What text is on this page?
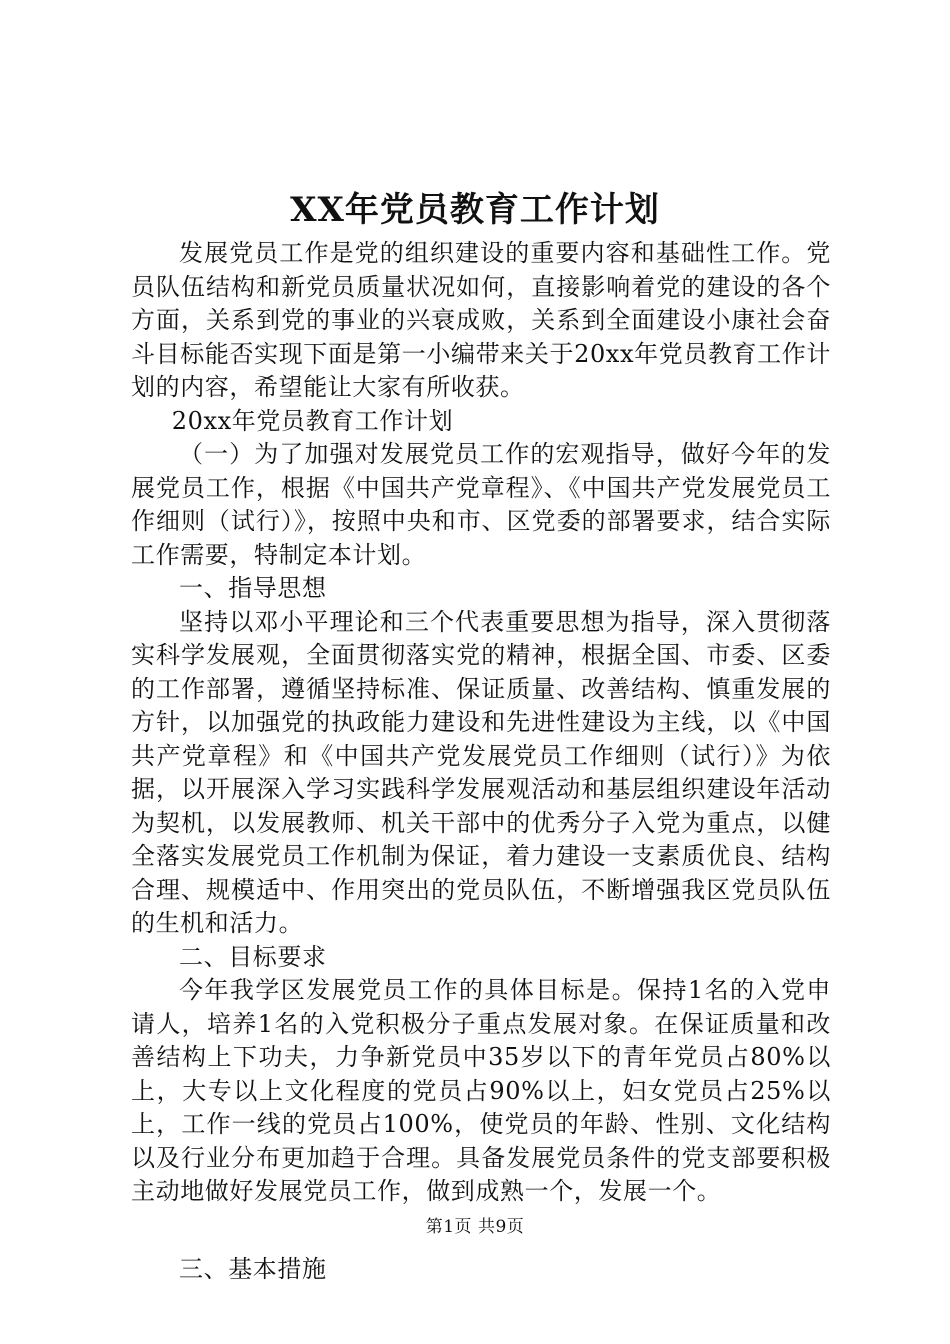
XX年党员教育工作计划

发展党员工作是党的组织建设的重要内容和基础性工作。党员队伍结构和新党员质量状况如何，直接影响着党的建设的各个方面，关系到党的事业的兴衰成败，关系到全面建设小康社会奋斗目标能否实现下面是第一小编带来关于20xx年党员教育工作计划的内容，希望能让大家有所收获。

20xx年党员教育工作计划

（一）为了加强对发展党员工作的宏观指导，做好今年的发展党员工作，根据《中国共产党章程》、《中国共产党发展党员工作细则（试行）》，按照中央和市、区党委的部署要求，结合实际工作需要，特制定本计划。

一、指导思想

坚持以邓小平理论和三个代表重要思想为指导，深入贯彻落实科学发展观，全面贯彻落实党的精神，根据全国、市委、区委的工作部署，遵循坚持标准、保证质量、改善结构、慎重发展的方针，以加强党的执政能力建设和先进性建设为主线，以《中国共产党章程》和《中国共产党发展党员工作细则（试行）》为依据，以开展深入学习实践科学发展观活动和基层组织建设年活动为契机，以发展教师、机关干部中的优秀分子入党为重点，以健全落实发展党员工作机制为保证，着力建设一支素质优良、结构合理、规模适中、作用突出的党员队伍，不断增强我区党员队伍的生机和活力。

二、目标要求

今年我学区发展党员工作的具体目标是。保持1名的入党申请人，培养1名的入党积极分子重点发展对象。在保证质量和改善结构上下功夫，力争新党员中35岁以下的青年党员占80%以上，大专以上文化程度的党员占90%以上，妇女党员占25%以上，工作一线的党员占100%，使党员的年龄、性别、文化结构以及行业分布更加趋于合理。具备发展党员条件的党支部要积极主动地做好发展党员工作，做到成熟一个，发展一个。

三、基本措施

第1页 共9页
